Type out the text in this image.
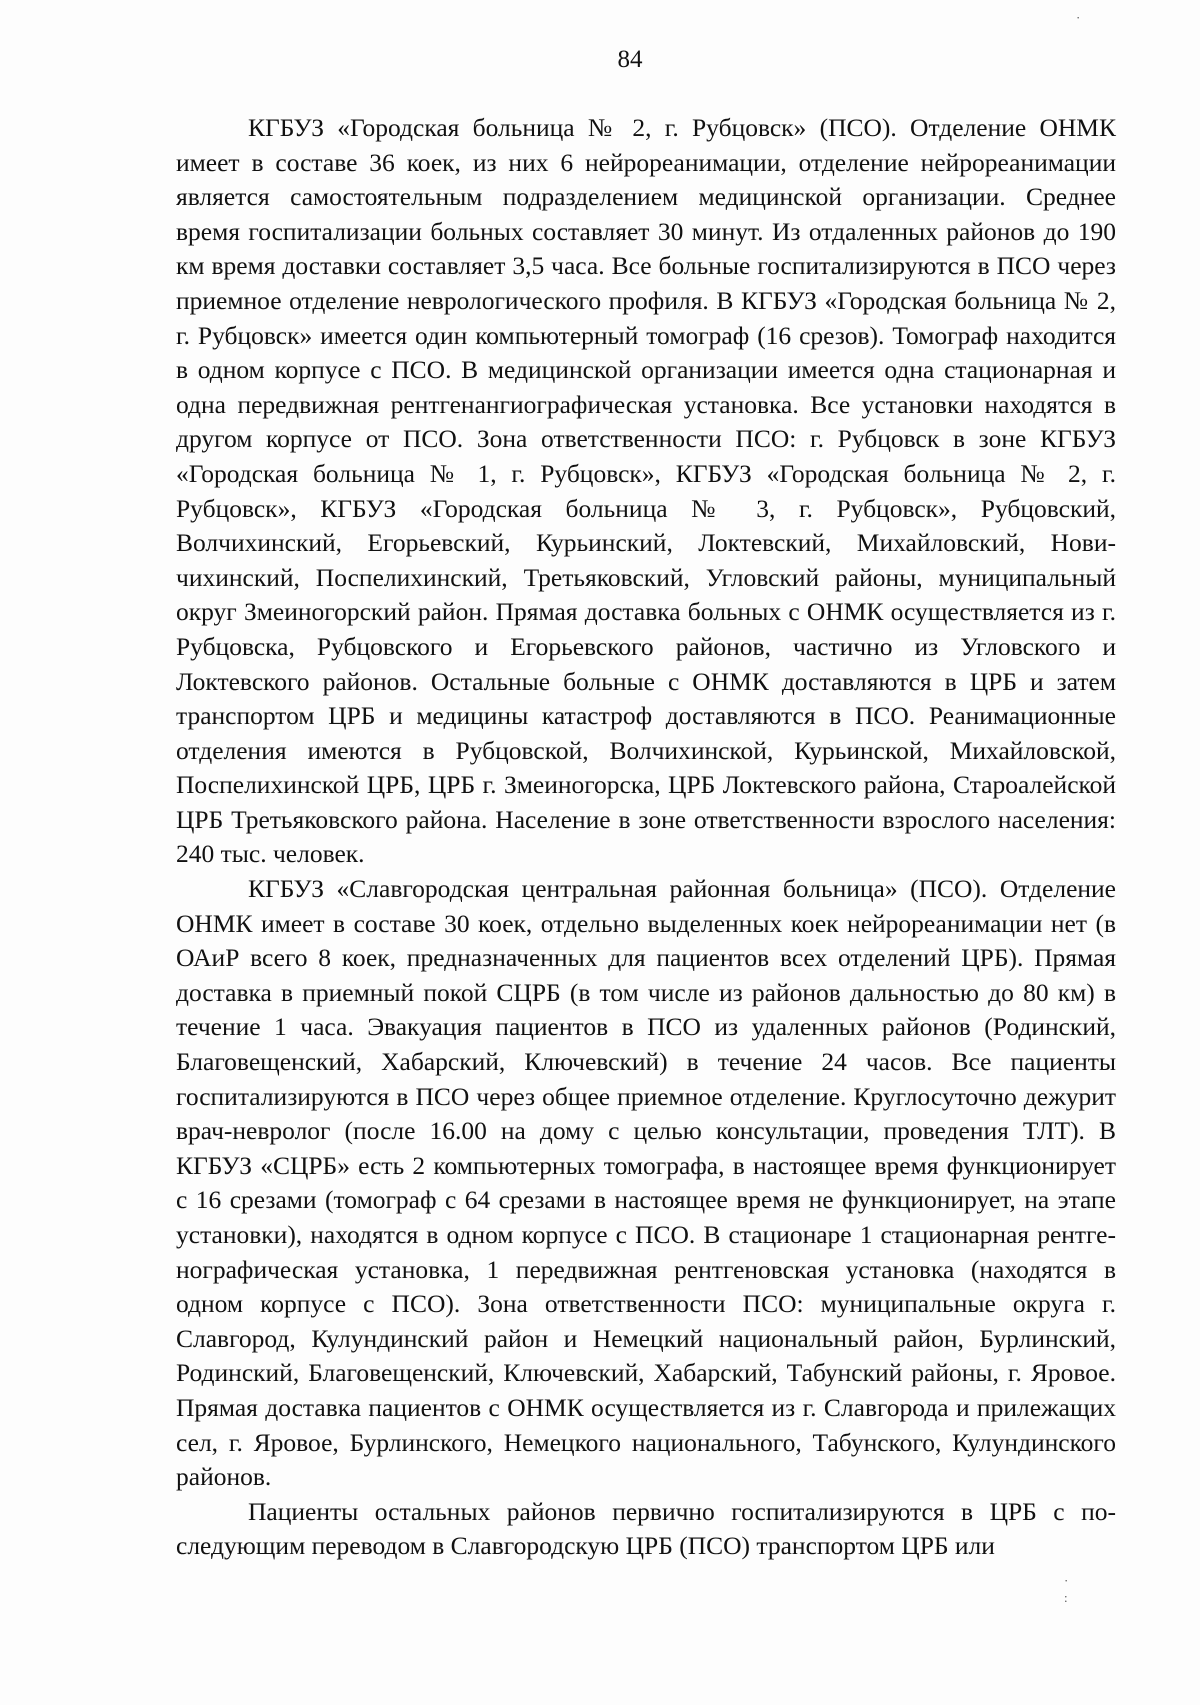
84

КГБУЗ «Городская больница № 2, г. Рубцовск» (ПСО). Отделение ОНМК имеет в составе 36 коек, из них 6 нейрореанимации, отделение нейрореанимации является самостоятельным подразделением медицинской организации. Среднее время госпитализации больных составляет 30 минут. Из отдаленных районов до 190 км время доставки составляет 3,5 часа. Все больные госпитализируются в ПСО через приемное отделение неврологического профиля. В КГБУЗ «Городская больница № 2, г. Рубцовск» имеется один компьютерный томограф (16 срезов). Томограф находится в одном корпусе с ПСО. В медицинской организации имеется одна стационарная и одна передвижная рентгенангиографическая установка. Все установки находятся в другом корпусе от ПСО. Зона ответственности ПСО: г. Рубцовск в зоне КГБУЗ «Городская больница № 1, г. Рубцовск», КГБУЗ «Городская больница № 2, г. Рубцовск», КГБУЗ «Городская больница № 3, г. Рубцовск», Рубцовский, Волчихинский, Егорьевский, Курьинский, Локтевский, Михайловский, Новичихинский, Поспелихинский, Третьяковский, Угловский районы, муниципальный округ Змеиногорский район. Прямая доставка больных с ОНМК осуществляется из г. Рубцовска, Рубцовского и Егорьевского районов, частично из Угловского и Локтевского районов. Остальные больные с ОНМК доставляются в ЦРБ и затем транспортом ЦРБ и медицины катастроф доставляются в ПСО. Реанимационные отделения имеются в Рубцовской, Волчихинской, Курьинской, Михайловской, Поспелихинской ЦРБ, ЦРБ г. Змеиногорска, ЦРБ Локтевского района, Староалейской ЦРБ Третьяковского района. Население в зоне ответственности взрослого населения: 240 тыс. человек.

КГБУЗ «Славгородская центральная районная больница» (ПСО). Отделение ОНМК имеет в составе 30 коек, отдельно выделенных коек нейрореанимации нет (в ОАиР всего 8 коек, предназначенных для пациентов всех отделений ЦРБ). Прямая доставка в приемный покой СЦРБ (в том числе из районов дальностью до 80 км) в течение 1 часа. Эвакуация пациентов в ПСО из удаленных районов (Родинский, Благовещенский, Хабарский, Ключевский) в течение 24 часов. Все пациенты госпитализируются в ПСО через общее приемное отделение. Круглосуточно дежурит врач-невролог (после 16.00 на дому с целью консультации, проведения ТЛТ). В КГБУЗ «СЦРБ» есть 2 компьютерных томографа, в настоящее время функционирует с 16 срезами (томограф с 64 срезами в настоящее время не функционирует, на этапе установки), находятся в одном корпусе с ПСО. В стационаре 1 стационарная рентгенографическая установка, 1 передвижная рентгеновская установка (находятся в одном корпусе с ПСО). Зона ответственности ПСО: муниципальные округа г. Славгород, Кулундинский район и Немецкий национальный район, Бурлинский, Родинский, Благовещенский, Ключевский, Хабарский, Табунский районы, г. Яровое. Прямая доставка пациентов с ОНМК осуществляется из г. Славгорода и прилежащих сел, г. Яровое, Бурлинского, Немецкого национального, Табунского, Кулундинского районов.

Пациенты остальных районов первично госпитализируются в ЦРБ с последующим переводом в Славгородскую ЦРБ (ПСО) транспортом ЦРБ или

·
·
:
